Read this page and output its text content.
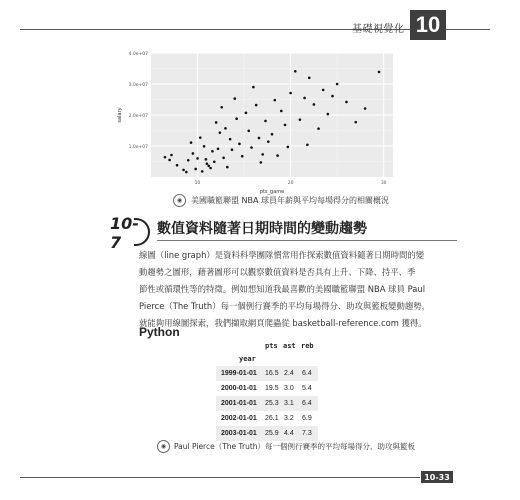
基礎視覺化 10
1.0e+07
2.0e+07
3.0e+07
4.0e+07
10	20	30
pts_game
salary
◉	美國職籃聯盟 NBA 球員年薪與平均每場得分的相關概況
10-7
數值資料隨著日期時間的變動趨勢

線圖（line graph）是資料科學團隊慣常用作探索數值資料隨著日期時間的變

動趨勢之圖形，藉著圖形可以觀察數值資料是否具有上升、下降、持平、季

節性或循環性等的特徵。例如想知道我最喜歡的美國職籃聯盟 NBA 球員 Paul

Pierce（The Truth）每一個例行賽季的平均每場得分、助攻與籃板變動趨勢，

就能夠用線圖探索，我們擷取網頁爬蟲從 basketball-reference.com 獲得。

Python
pts ast reb
year
1999-01-01 16.5 2.4 6.4
2000-01-01 19.5 3.0 5.4
2001-01-01 25.3 3.1 6.4
2002-01-01 26.1 3.2 6.9
2003-01-01 25.9 4.4 7.3
◉	Paul Pierce（The Truth）每一個例行賽季的平均每場得分、助攻與籃板
10-33
